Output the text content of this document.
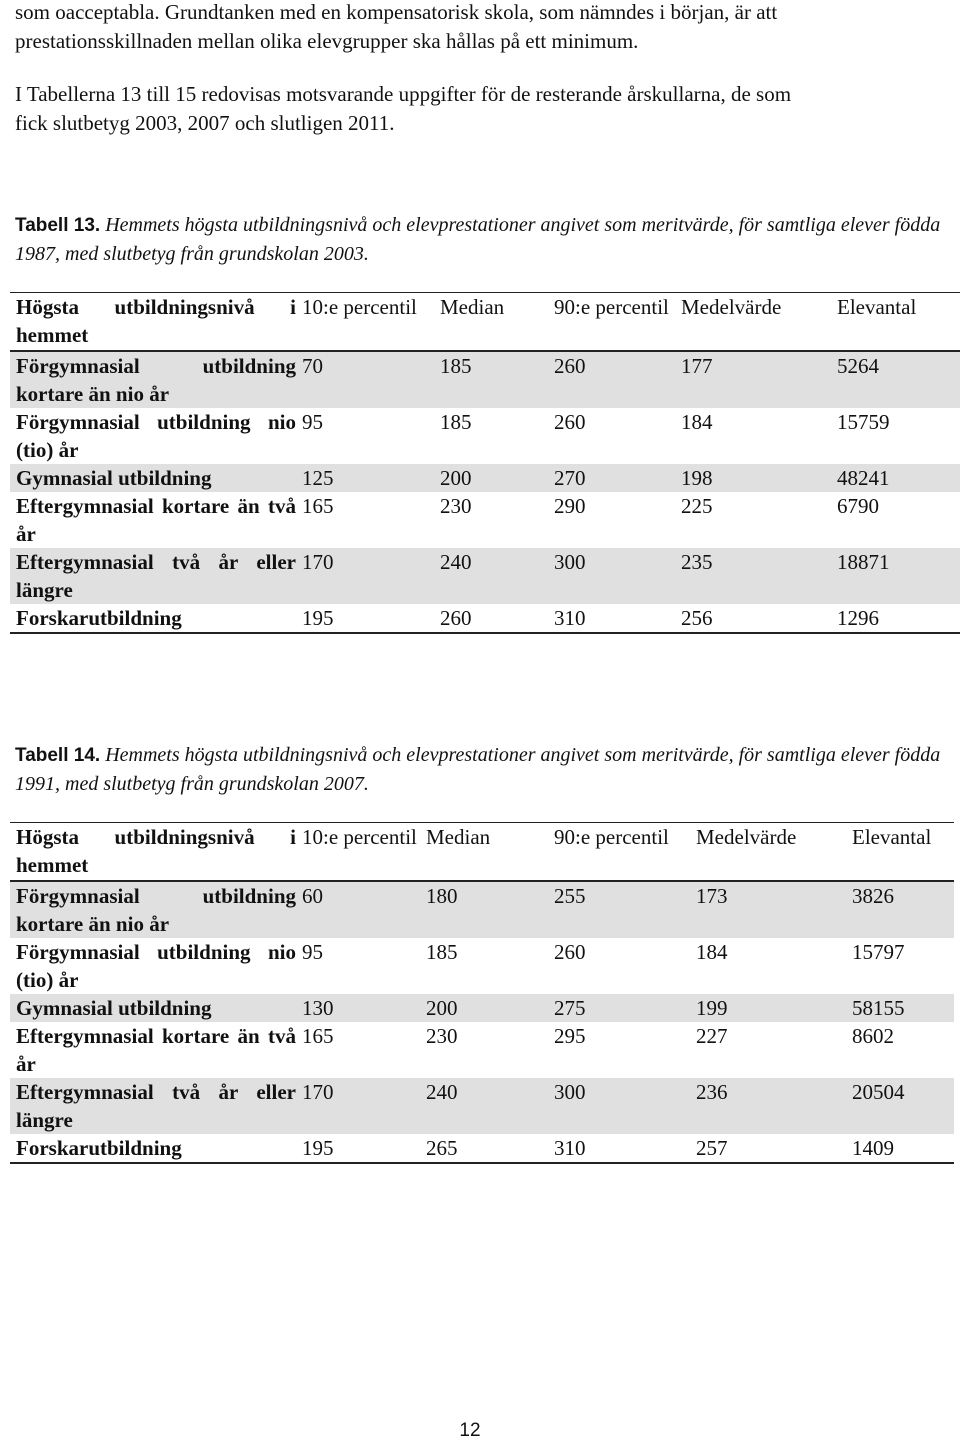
som oacceptabla. Grundtanken med en kompensatorisk skola, som nämndes i början, är att
prestationsskillnaden mellan olika elevgrupper ska hållas på ett minimum.
I Tabellerna 13 till 15 redovisas motsvarande uppgifter för de resterande årskullarna, de som
fick slutbetyg 2003, 2007 och slutligen 2011.
Tabell 13. Hemmets högsta utbildningsnivå och elevprestationer angivet som meritvärde, för samtliga elever födda 1987, med slutbetyg från grundskolan 2003.
Högsta utbildningsnivå i hemmet	10:e percentil	Median	90:e percentil	Medelvärde	Elevantal
Förgymnasial utbildning kortare än nio år	70	185	260	177	5264
Förgymnasial utbildning nio (tio) år	95	185	260	184	15759
Gymnasial utbildning	125	200	270	198	48241
Eftergymnasial kortare än två år	165	230	290	225	6790
Eftergymnasial två år eller längre	170	240	300	235	18871
Forskarutbildning	195	260	310	256	1296
Tabell 14. Hemmets högsta utbildningsnivå och elevprestationer angivet som meritvärde, för samtliga elever födda 1991, med slutbetyg från grundskolan 2007.
Högsta utbildningsnivå i hemmet	10:e percentil	Median	90:e percentil	Medelvärde	Elevantal
Förgymnasial utbildning kortare än nio år	60	180	255	173	3826
Förgymnasial utbildning nio (tio) år	95	185	260	184	15797
Gymnasial utbildning	130	200	275	199	58155
Eftergymnasial kortare än två år	165	230	295	227	8602
Eftergymnasial två år eller längre	170	240	300	236	20504
Forskarutbildning	195	265	310	257	1409
12
